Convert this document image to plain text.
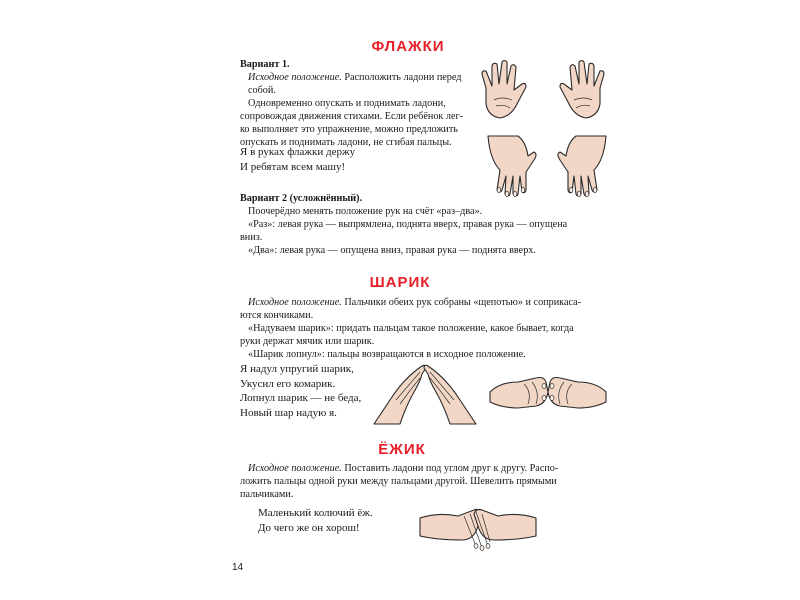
ФЛАЖКИ
Вариант 1.
Исходное положение. Расположить ладони перед собой.
Одновременно опускать и поднимать ладони,
сопровождая движения стихами. Если ребёнок лег-
ко выполняет это упражнение, можно предложить
опускать и поднимать ладони, не сгибая пальцы.
Я в руках флажки держу
И ребятам всем машу!
Вариант 2 (усложнённый).
Поочерёдно менять положение рук на счёт «раз–два».
«Раз»: левая рука — выпрямлена, поднята вверх, правая рука — опущена
вниз.
«Два»: левая рука — опущена вниз, правая рука — поднята вверх.
ШАРИК
Исходное положение. Пальчики обеих рук собраны «щепотью» и соприкаса-
ются кончиками.
«Надуваем шарик»: придать пальцам такое положение, какое бывает, когда
руки держат мячик или шарик.
«Шарик лопнул»: пальцы возвращаются в исходное положение.
Я надул упругий шарик,
Укусил его комарик.
Лопнул шарик — не беда,
Новый шар надую я.
ЁЖИК
Исходное положение. Поставить ладони под углом друг к другу. Распо-
ложить пальцы одной руки между пальцами другой. Шевелить прямыми
пальчиками.
Маленький колючий ёж.
До чего же он хорош!
14
